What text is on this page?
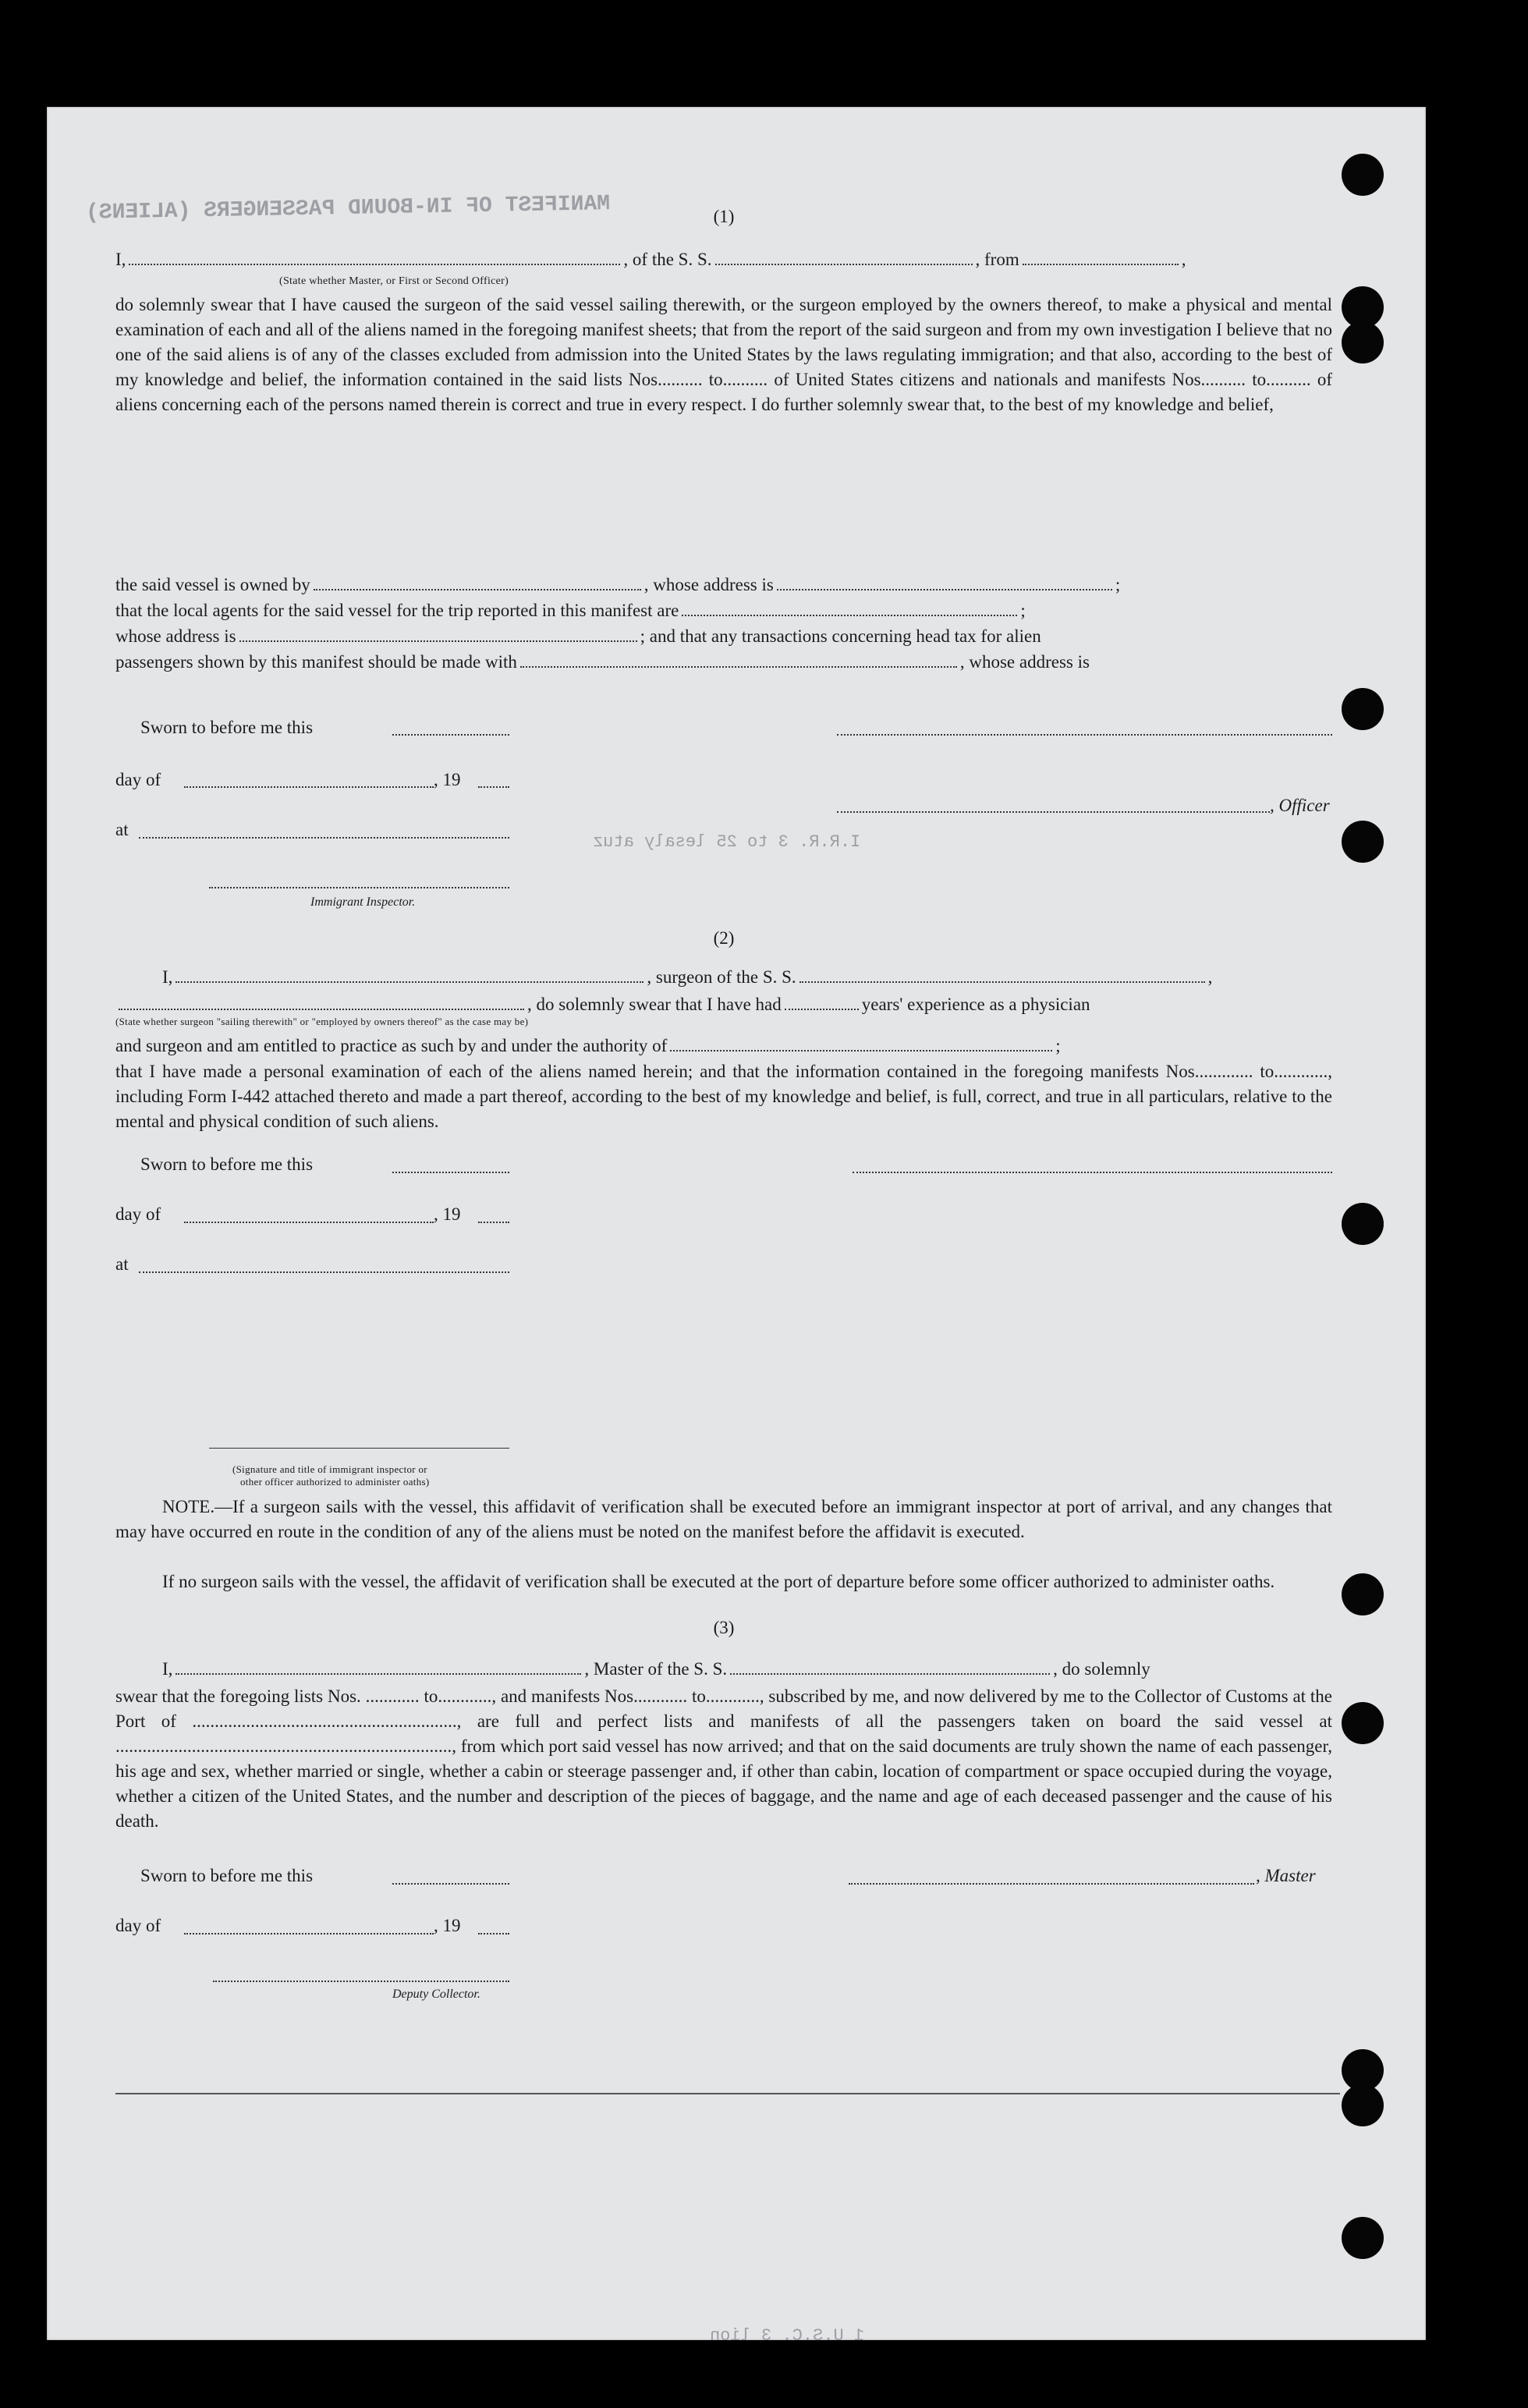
MANIFEST OF IN-BOUND PASSENGERS (ALIENS)
I.R.R. 3 to 25 lesaly atuz
1 U.S.C. 3 lion
(1)
I,	, of the S. S.	, from	,
(State whether Master, or First or Second Officer)
do solemnly swear that I have caused the surgeon of the said vessel sailing therewith, or the surgeon employed by the owners thereof, to make a physical and mental examination of each and all of the aliens named in the foregoing manifest sheets; that from the report of the said surgeon and from my own investigation I believe that no one of the said aliens is of any of the classes excluded from admission into the United States by the laws regulating immigration; and that also, according to the best of my knowledge and belief, the information contained in the said lists Nos.......... to.......... of United States citizens and nationals and manifests Nos.......... to.......... of aliens concerning each of the persons named therein is correct and true in every respect. I do further solemnly swear that, to the best of my knowledge and belief,
the said vessel is owned by	, whose address is	;
that the local agents for the said vessel for the trip reported in this manifest are	;
whose address is	; and that any transactions concerning head tax for alien
passengers shown by this manifest should be made with	, whose address is
Sworn to before me this
day of	, 19
, Officer
at
Immigrant Inspector.
(2)
I,	, surgeon of the S. S.	,
, do solemnly swear that I have had	years' experience as a physician
(State whether surgeon "sailing therewith" or "employed by owners thereof" as the case may be)
and surgeon and am entitled to practice as such by and under the authority of	;
that I have made a personal examination of each of the aliens named herein; and that the information contained in the foregoing manifests Nos............. to............, including Form I-442 attached thereto and made a part thereof, according to the best of my knowledge and belief, is full, correct, and true in all particulars, relative to the mental and physical condition of such aliens.
Sworn to before me this
day of	, 19
at
(Signature and title of immigrant inspector or
other officer authorized to administer oaths)
NOTE.—If a surgeon sails with the vessel, this affidavit of verification shall be executed before an immigrant inspector at port of arrival, and any changes that may have occurred en route in the condition of any of the aliens must be noted on the manifest before the affidavit is executed.
If no surgeon sails with the vessel, the affidavit of verification shall be executed at the port of departure before some officer authorized to administer oaths.
(3)
I,	, Master of the S. S.	, do solemnly
swear that the foregoing lists Nos. ............ to............, and manifests Nos............ to............, subscribed by me, and now delivered by me to the Collector of Customs at the Port of ..........................................................., are full and perfect lists and manifests of all the passengers taken on board the said vessel at ..........................................................................., from which port said vessel has now arrived; and that on the said documents are truly shown the name of each passenger, his age and sex, whether married or single, whether a cabin or steerage passenger and, if other than cabin, location of compartment or space occupied during the voyage, whether a citizen of the United States, and the number and description of the pieces of baggage, and the name and age of each deceased passenger and the cause of his death.
Sworn to before me this	, Master
day of	, 19
Deputy Collector.
